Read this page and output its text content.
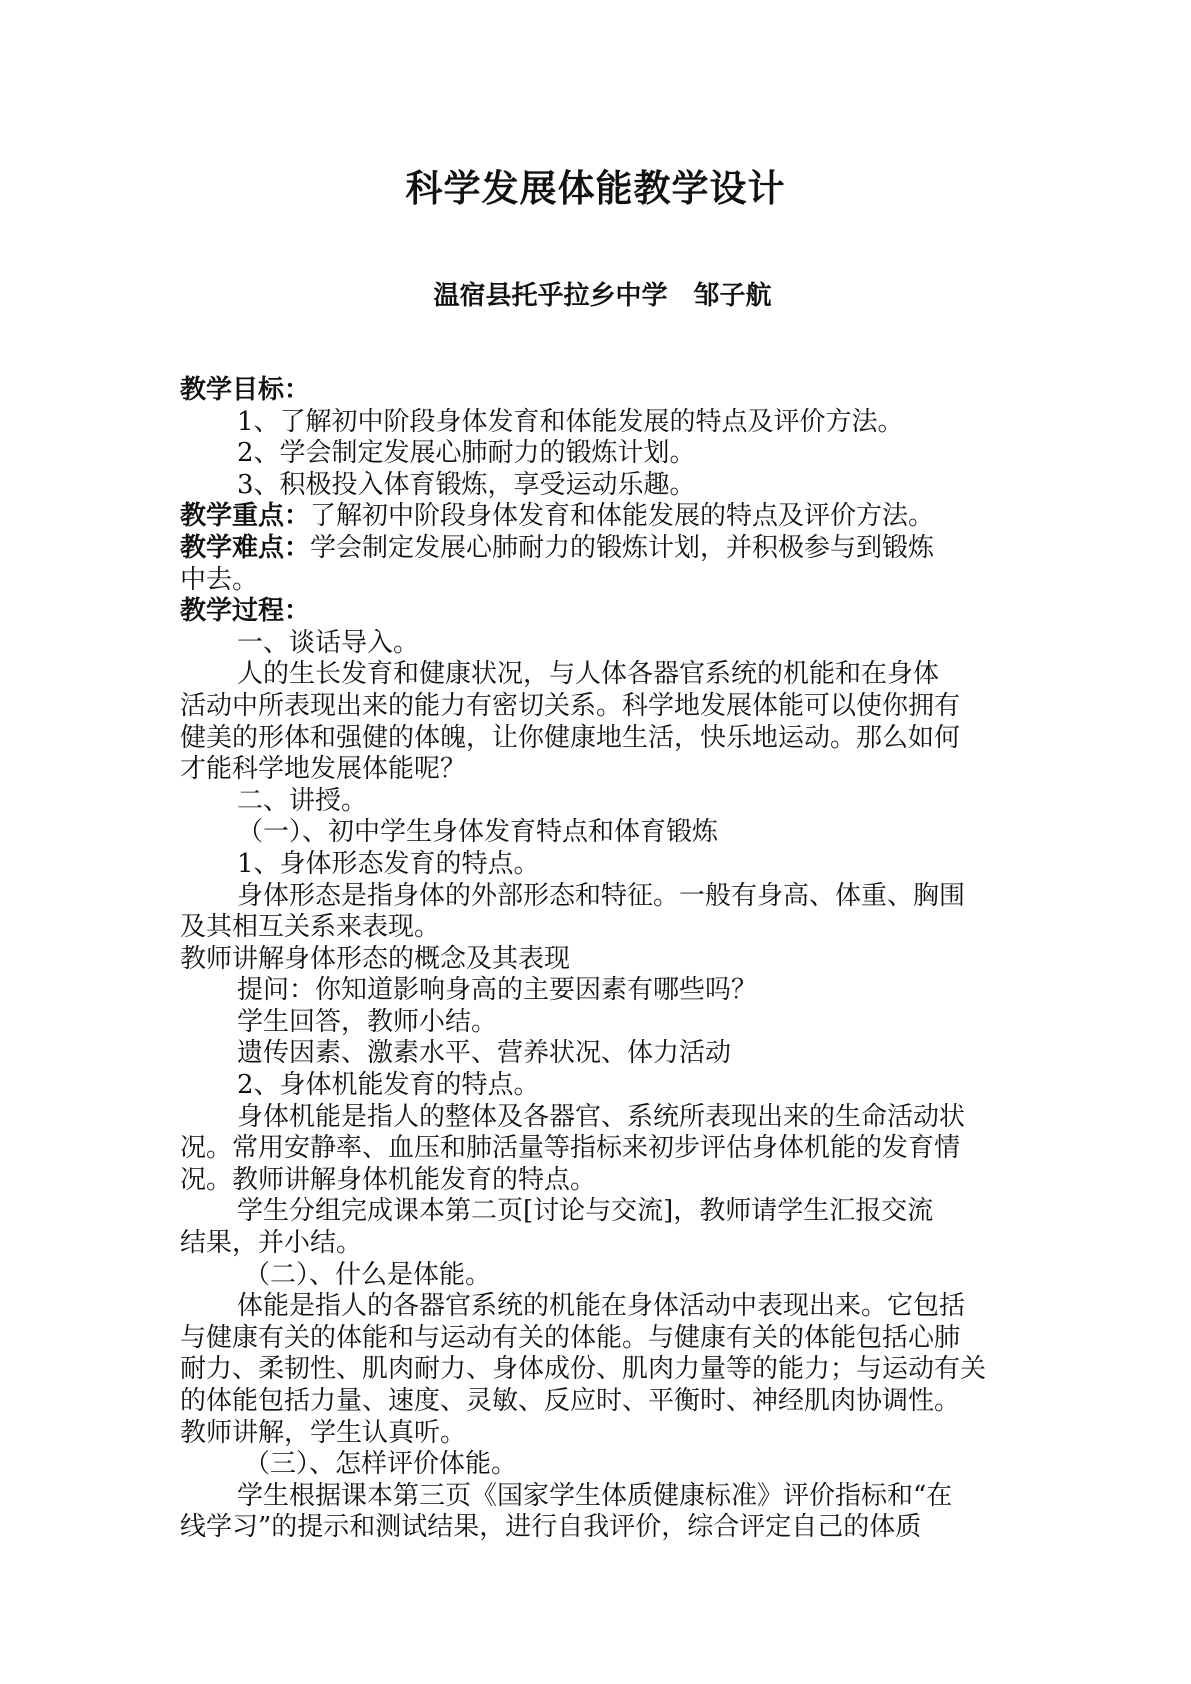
科学发展体能教学设计
温宿县托乎拉乡中学　邹子航
教学目标：
1、了解初中阶段身体发育和体能发展的特点及评价方法。
2、学会制定发展心肺耐力的锻炼计划。
3、积极投入体育锻炼，享受运动乐趣。
教学重点：了解初中阶段身体发育和体能发展的特点及评价方法。
教学难点：学会制定发展心肺耐力的锻炼计划，并积极参与到锻炼
中去。
教学过程：
一、谈话导入。
人的生长发育和健康状况，与人体各器官系统的机能和在身体
活动中所表现出来的能力有密切关系。科学地发展体能可以使你拥有
健美的形体和强健的体魄，让你健康地生活，快乐地运动。那么如何
才能科学地发展体能呢？
二、讲授。
（一）、初中学生身体发育特点和体育锻炼
1、身体形态发育的特点。
身体形态是指身体的外部形态和特征。一般有身高、体重、胸围
及其相互关系来表现。
教师讲解身体形态的概念及其表现
提问：你知道影响身高的主要因素有哪些吗？
学生回答，教师小结。
遗传因素、激素水平、营养状况、体力活动
2、身体机能发育的特点。
身体机能是指人的整体及各器官、系统所表现出来的生命活动状
况。常用安静率、血压和肺活量等指标来初步评估身体机能的发育情
况。教师讲解身体机能发育的特点。
学生分组完成课本第二页[讨论与交流]，教师请学生汇报交流
结果，并小结。
（二）、什么是体能。
体能是指人的各器官系统的机能在身体活动中表现出来。它包括
与健康有关的体能和与运动有关的体能。与健康有关的体能包括心肺
耐力、柔韧性、肌肉耐力、身体成份、肌肉力量等的能力；与运动有关
的体能包括力量、速度、灵敏、反应时、平衡时、神经肌肉协调性。
教师讲解，学生认真听。
（三）、怎样评价体能。
学生根据课本第三页《国家学生体质健康标准》评价指标和“在
线学习”的提示和测试结果，进行自我评价，综合评定自己的体质
